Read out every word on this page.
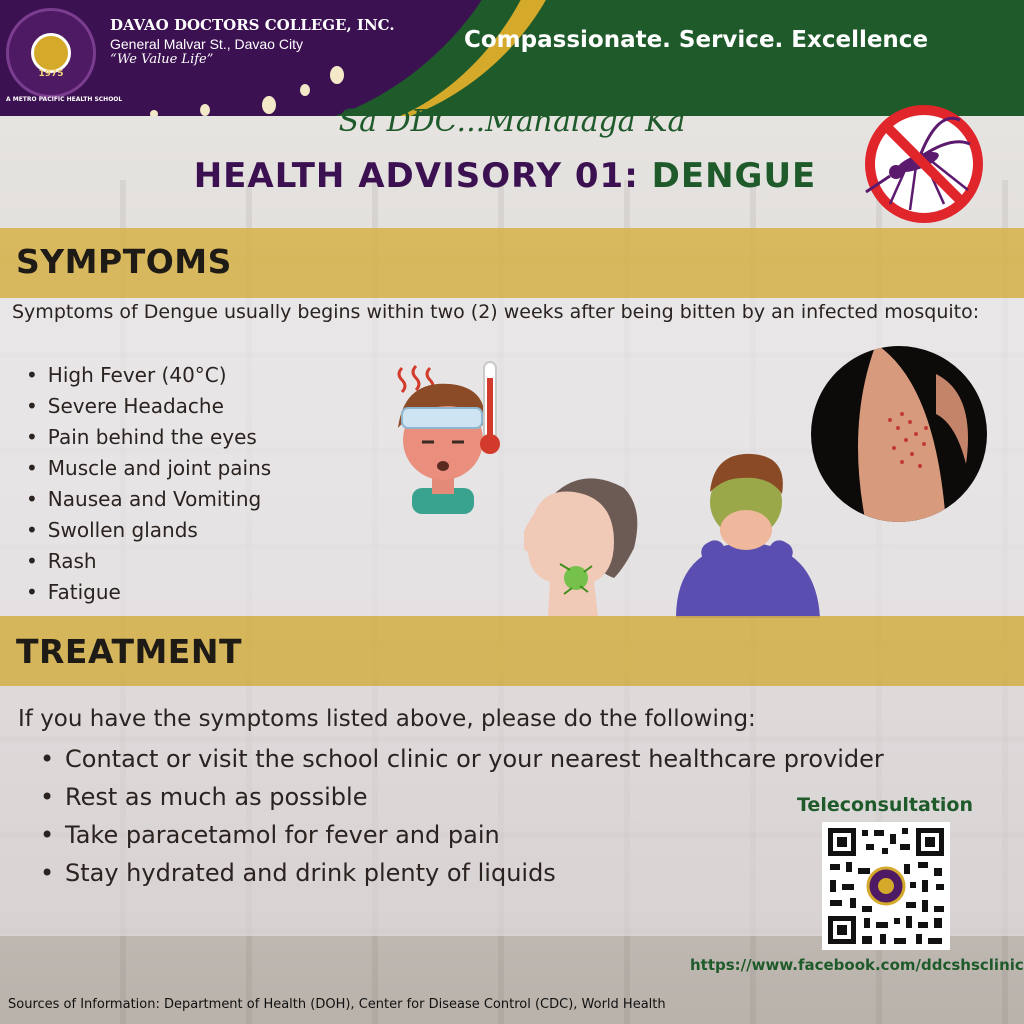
1975
DAVAO DOCTORS COLLEGE, INC.
General Malvar St., Davao City
“We Value Life”
A METRO PACIFIC HEALTH SCHOOL
Compassionate. Service. Excellence
Sa DDC...Mahalaga Ka
HEALTH ADVISORY 01: DENGUE
SYMPTOMS
Symptoms of Dengue usually begins within two (2) weeks after being bitten by an infected mosquito:
• High Fever (40°C)
• Severe Headache
• Pain behind the eyes
• Muscle and joint pains
• Nausea and Vomiting
• Swollen glands
• Rash
• Fatigue
TREATMENT
If you have the symptoms listed above, please do the following:
• Contact or visit the school clinic or your nearest healthcare provider
• Rest as much as possible
• Take paracetamol for fever and pain
• Stay hydrated and drink plenty of liquids
Teleconsultation
https://www.facebook.com/ddcshsclinic
Sources of Information: Department of Health (DOH), Center for Disease Control (CDC), World Health
